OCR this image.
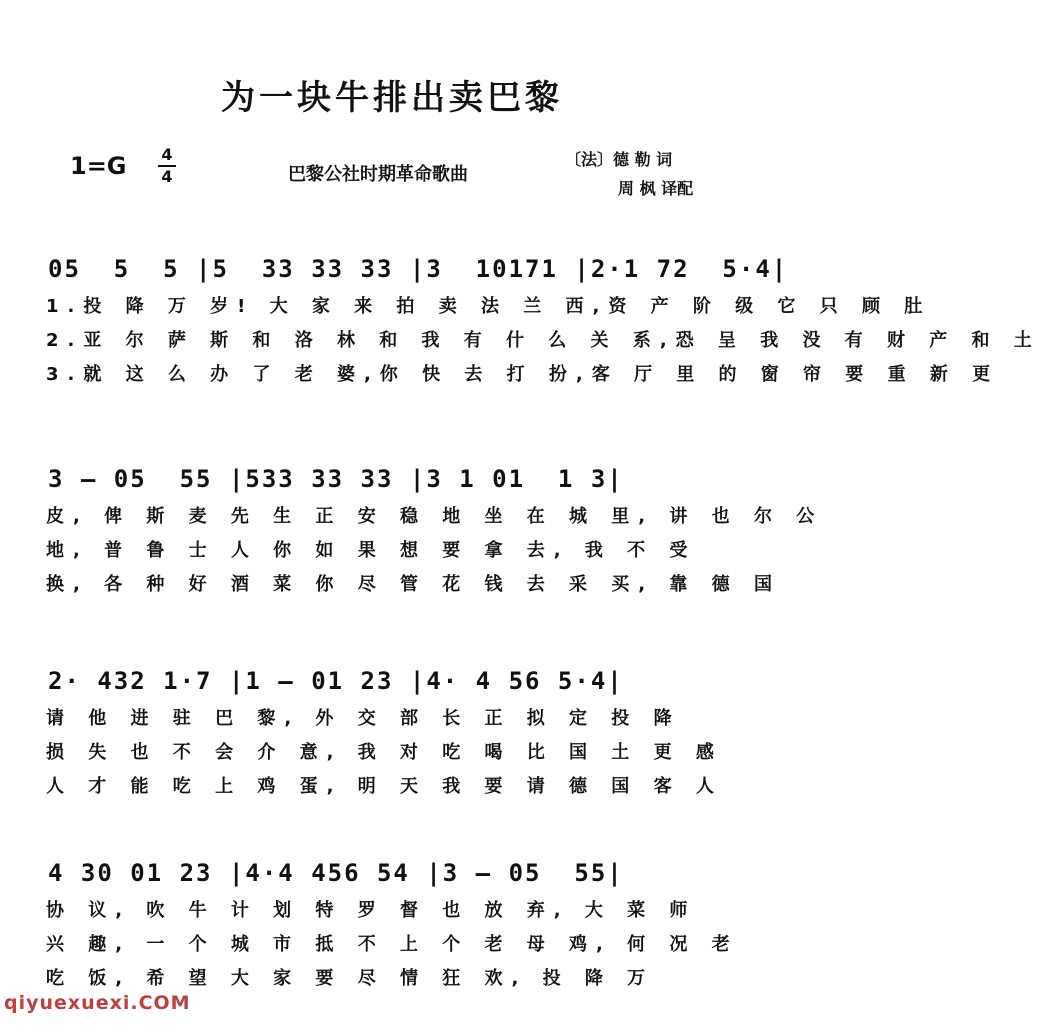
为一块牛排出卖巴黎
1=G 4
4	巴黎公社时期革命歌曲
〔法〕德 勒 词
周 枫 译配

05  5  5 |5  33 33 33 |3  10171 |2·1 72  5·4|

1.投 降 万 岁! 大 家 来 拍 卖 法 兰 西,资 产 阶 级 它 只 顾 肚
2.亚 尔 萨 斯 和 洛 林 和 我 有 什 么 关 系,恐 呈 我 没 有 财 产 和 土
3.就 这 么 办 了 老 婆,你 快 去 打 扮,客 厅 里 的 窗 帘 要 重 新 更

3 — 05  55 |533 33 33 |3 1 01  1 3|

皮, 俾 斯 麦 先 生 正 安 稳 地 坐 在 城 里, 讲 也 尔 公
地, 普 鲁 士 人 你 如 果 想 要 拿 去, 我 不 受
换, 各 种 好 酒 菜 你 尽 管 花 钱 去 采 买, 靠 德 国

2· 432 1·7 |1 — 01 23 |4· 4 56 5·4|

请 他 进 驻 巴 黎, 外 交 部 长 正 拟 定 投 降
损 失 也 不 会 介 意, 我 对 吃 喝 比 国 土 更 感
人 才 能 吃 上 鸡 蛋, 明 天 我 要 请 德 国 客 人

4 30 01 23 |4·4 456 54 |3 — 05  55|

协 议, 吹 牛 计 划 特 罗 督 也 放 弃, 大 菜 师
兴 趣, 一 个 城 市 抵 不 上 个 老 母 鸡, 何 况 老
吃 饭, 希 望 大 家 要 尽 情 狂 欢, 投 降 万
qiyuexuexi.COM
